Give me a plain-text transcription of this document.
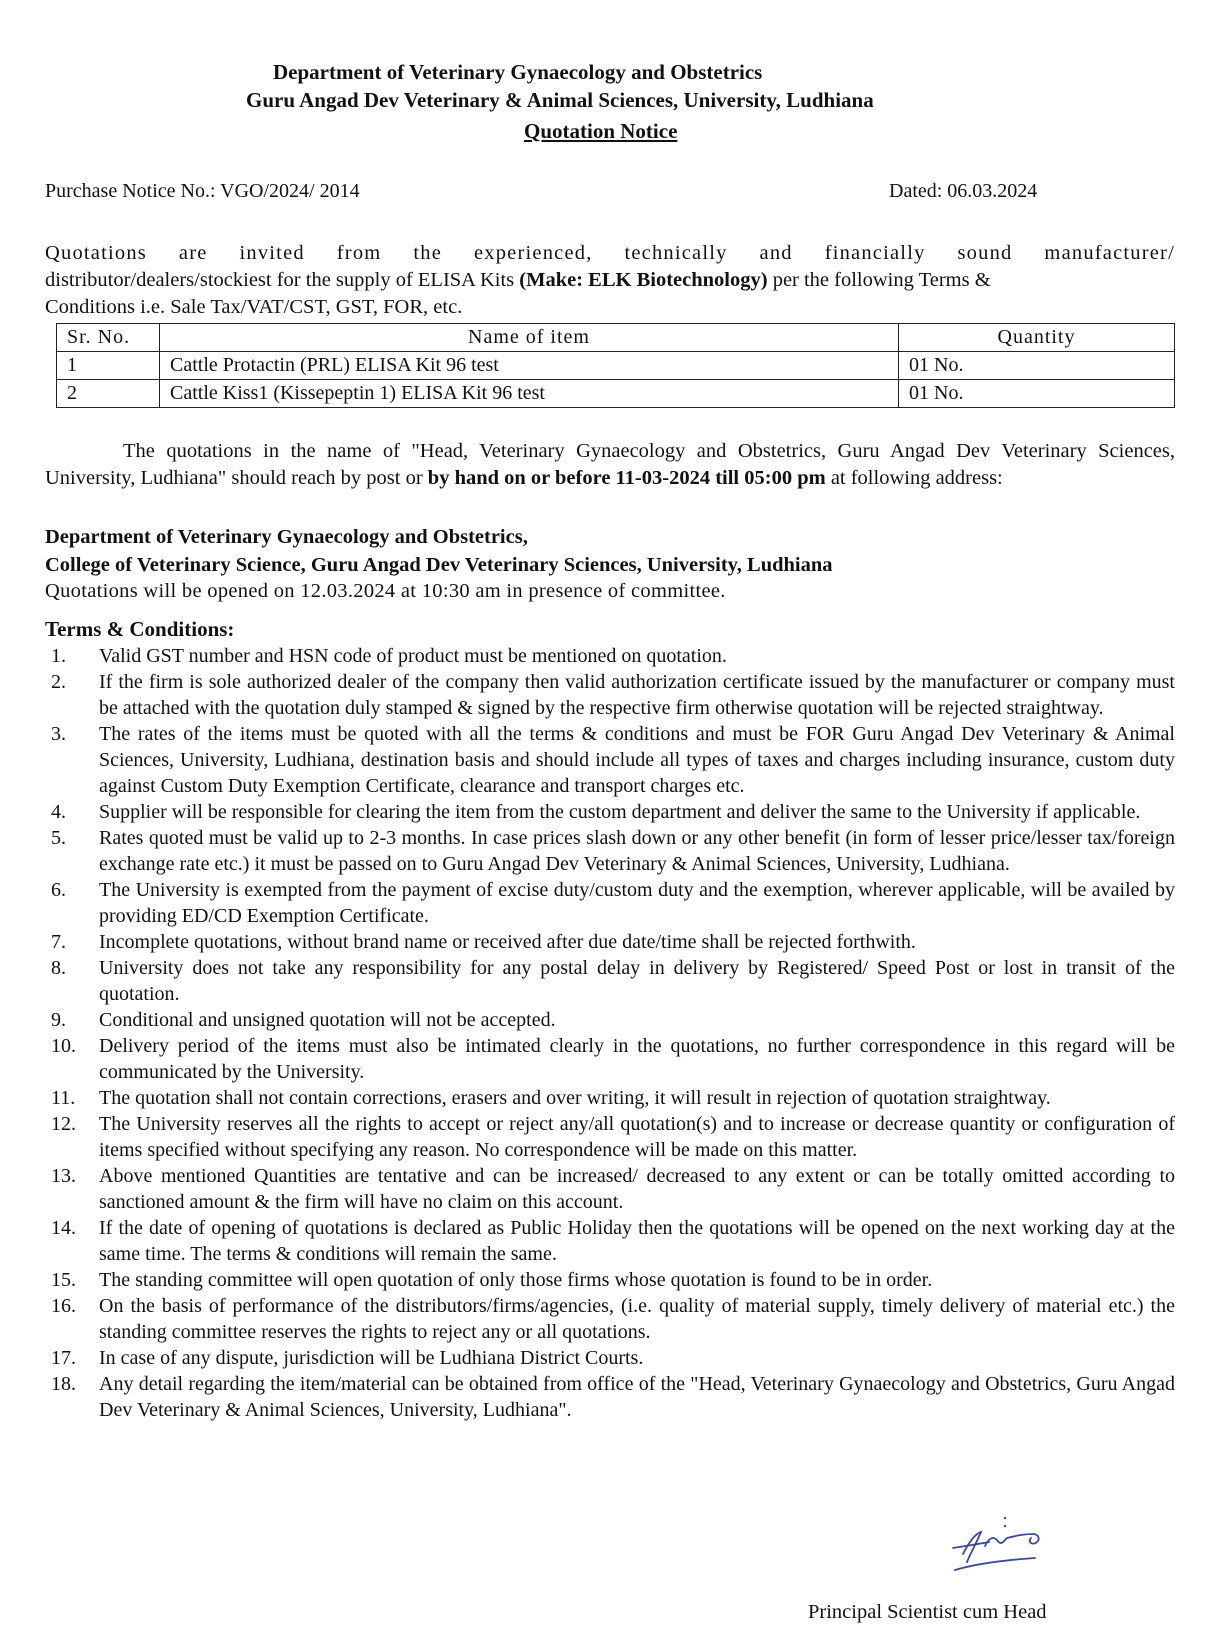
Department of Veterinary Gynaecology and Obstetrics
Guru Angad Dev Veterinary & Animal Sciences, University, Ludhiana
Quotation Notice
Purchase Notice No.: VGO/2024/ 2014	Dated: 06.03.2024
Quotations are invited from the experienced, technically and financially sound manufacturer/
distributor/dealers/stockiest for the supply of ELISA Kits (Make: ELK Biotechnology) per the following Terms &
Conditions i.e. Sale Tax/VAT/CST, GST, FOR, etc.
Sr. No.	Name of item	Quantity
1	Cattle Protactin (PRL) ELISA Kit 96 test	01 No.
2	Cattle Kiss1 (Kissepeptin 1) ELISA Kit 96 test	01 No.
The quotations in the name of "Head, Veterinary Gynaecology and Obstetrics, Guru Angad Dev Veterinary Sciences, University, Ludhiana" should reach by post or by hand on or before 11-03-2024 till 05:00 pm at following address:
Department of Veterinary Gynaecology and Obstetrics,
College of Veterinary Science, Guru Angad Dev Veterinary Sciences, University, Ludhiana
Quotations will be opened on 12.03.2024 at 10:30 am in presence of committee.
Terms & Conditions:
1.	Valid GST number and HSN code of product must be mentioned on quotation.
2.	If the firm is sole authorized dealer of the company then valid authorization certificate issued by the manufacturer or company must be attached with the quotation duly stamped & signed by the respective firm otherwise quotation will be rejected straightway.
3.	The rates of the items must be quoted with all the terms & conditions and must be FOR Guru Angad Dev Veterinary & Animal Sciences, University, Ludhiana, destination basis and should include all types of taxes and charges including insurance, custom duty against Custom Duty Exemption Certificate, clearance and transport charges etc.
4.	Supplier will be responsible for clearing the item from the custom department and deliver the same to the University if applicable.
5.	Rates quoted must be valid up to 2-3 months. In case prices slash down or any other benefit (in form of lesser price/lesser tax/foreign exchange rate etc.) it must be passed on to Guru Angad Dev Veterinary & Animal Sciences, University, Ludhiana.
6.	The University is exempted from the payment of excise duty/custom duty and the exemption, wherever applicable, will be availed by providing ED/CD Exemption Certificate.
7.	Incomplete quotations, without brand name or received after due date/time shall be rejected forthwith.
8.	University does not take any responsibility for any postal delay in delivery by Registered/ Speed Post or lost in transit of the quotation.
9.	Conditional and unsigned quotation will not be accepted.
10.	Delivery period of the items must also be intimated clearly in the quotations, no further correspondence in this regard will be communicated by the University.
11.	The quotation shall not contain corrections, erasers and over writing, it will result in rejection of quotation straightway.
12.	The University reserves all the rights to accept or reject any/all quotation(s) and to increase or decrease quantity or configuration of items specified without specifying any reason. No correspondence will be made on this matter.
13.	Above mentioned Quantities are tentative and can be increased/ decreased to any extent or can be totally omitted according to sanctioned amount & the firm will have no claim on this account.
14.	If the date of opening of quotations is declared as Public Holiday then the quotations will be opened on the next working day at the same time. The terms & conditions will remain the same.
15.	The standing committee will open quotation of only those firms whose quotation is found to be in order.
16.	On the basis of performance of the distributors/firms/agencies, (i.e. quality of material supply, timely delivery of material etc.) the standing committee reserves the rights to reject any or all quotations.
17.	In case of any dispute, jurisdiction will be Ludhiana District Courts.
18.	Any detail regarding the item/material can be obtained from office of the "Head, Veterinary Gynaecology and Obstetrics, Guru Angad Dev Veterinary & Animal Sciences, University, Ludhiana".
Principal Scientist cum Head
